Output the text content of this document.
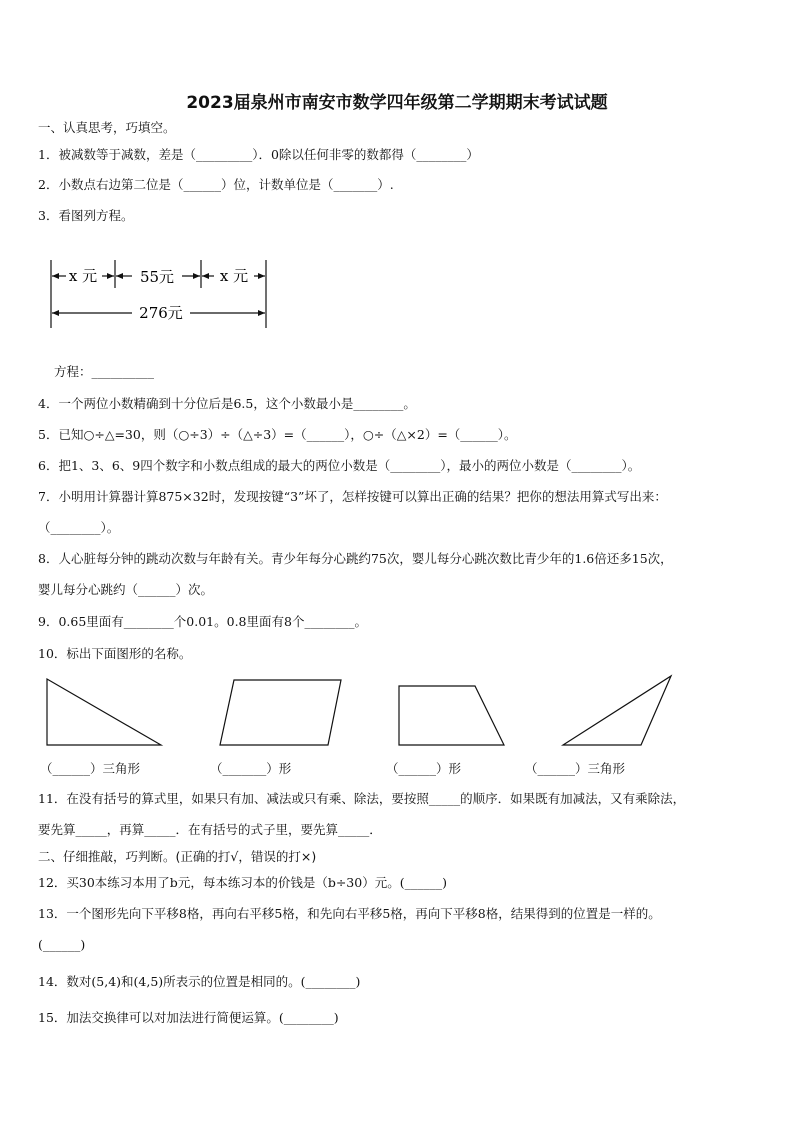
2023届泉州市南安市数学四年级第二学期期末考试试题
一、认真思考，巧填空。
1．被减数等于减数，差是（_________）．0除以任何非零的数都得（________）
2．小数点右边第二位是（______）位，计数单位是（_______）.
3．看图列方程。
x 元	55元	x 元
276元
方程：__________
4．一个两位小数精确到十分位后是6.5，这个小数最小是________。
5．已知○÷△=30，则（○÷3）÷（△÷3）=（______），○÷（△×2）=（______）。
6．把1、3、6、9四个数字和小数点组成的最大的两位小数是（________），最小的两位小数是（________）。
7．小明用计算器计算875×32时，发现按键“3”坏了，怎样按键可以算出正确的结果？把你的想法用算式写出来：
（________）。
8．人心脏每分钟的跳动次数与年龄有关。青少年每分心跳约75次，婴儿每分心跳次数比青少年的1.6倍还多15次，
婴儿每分心跳约（______）次。
9．0.65里面有________个0.01。0.8里面有8个________。
10．标出下面图形的名称。
（______）三角形	（_______）形	（______）形	（______）三角形
11．在没有括号的算式里，如果只有加、减法或只有乘、除法，要按照_____的顺序．如果既有加减法，又有乘除法，
要先算_____，再算_____．在有括号的式子里，要先算_____．
二、仔细推敲，巧判断。(正确的打√，错误的打×)
12．买30本练习本用了b元，每本练习本的价钱是（b÷30）元。(______)
13．一个图形先向下平移8格，再向右平移5格，和先向右平移5格，再向下平移8格，结果得到的位置是一样的。
(______)
14．数对(5,4)和(4,5)所表示的位置是相同的。(________)
15．加法交换律可以对加法进行简便运算。(________)
